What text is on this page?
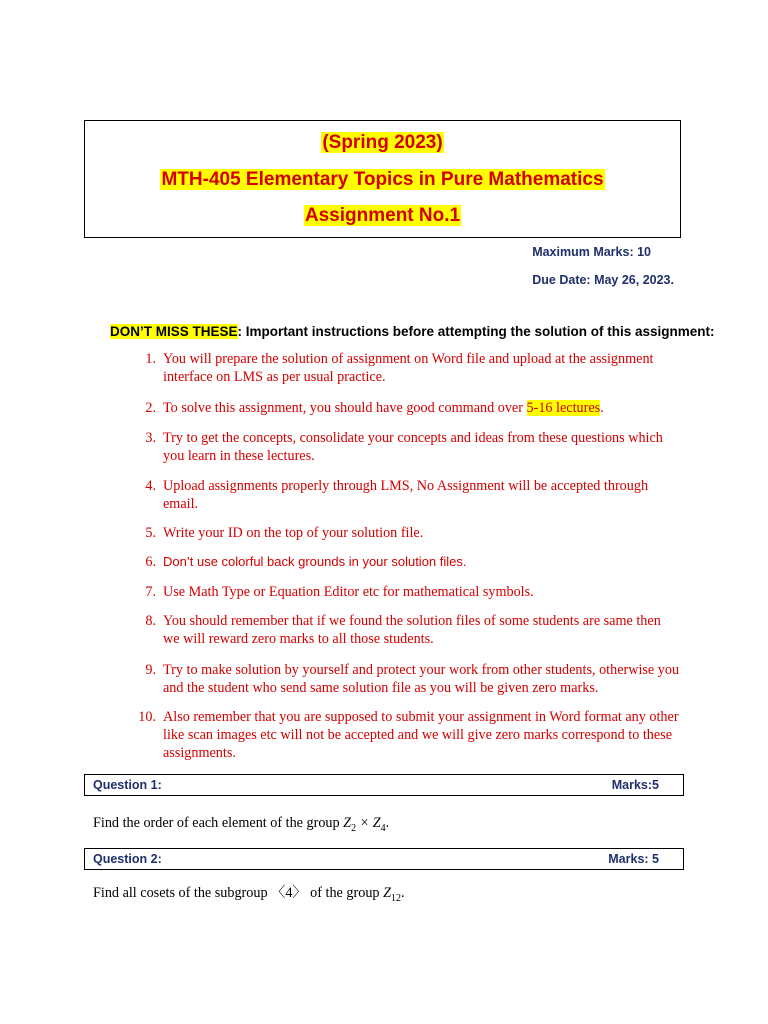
(Spring 2023)
MTH-405 Elementary Topics in Pure Mathematics
Assignment No.1
Maximum Marks: 10
Due Date: May 26, 2023.
DON’T MISS THESE: Important instructions before attempting the solution of this assignment:
1. You will prepare the solution of assignment on Word file and upload at the assignment interface on LMS as per usual practice.
2. To solve this assignment, you should have good command over 5-16 lectures.
3. Try to get the concepts, consolidate your concepts and ideas from these questions which you learn in these lectures.
4. Upload assignments properly through LMS, No Assignment will be accepted through email.
5. Write your ID on the top of your solution file.
6. Don’t use colorful back grounds in your solution files.
7. Use Math Type or Equation Editor etc for mathematical symbols.
8. You should remember that if we found the solution files of some students are same then we will reward zero marks to all those students.
9. Try to make solution by yourself and protect your work from other students, otherwise you and the student who send same solution file as you will be given zero marks.
10. Also remember that you are supposed to submit your assignment in Word format any other like scan images etc will not be accepted and we will give zero marks correspond to these assignments.
Question 1:	Marks:5
Find the order of each element of the group $Z_2 \times Z_4$.
Question 2:	Marks: 5
Find all cosets of the subgroup 〈4〉 of the group $Z_{12}$.
